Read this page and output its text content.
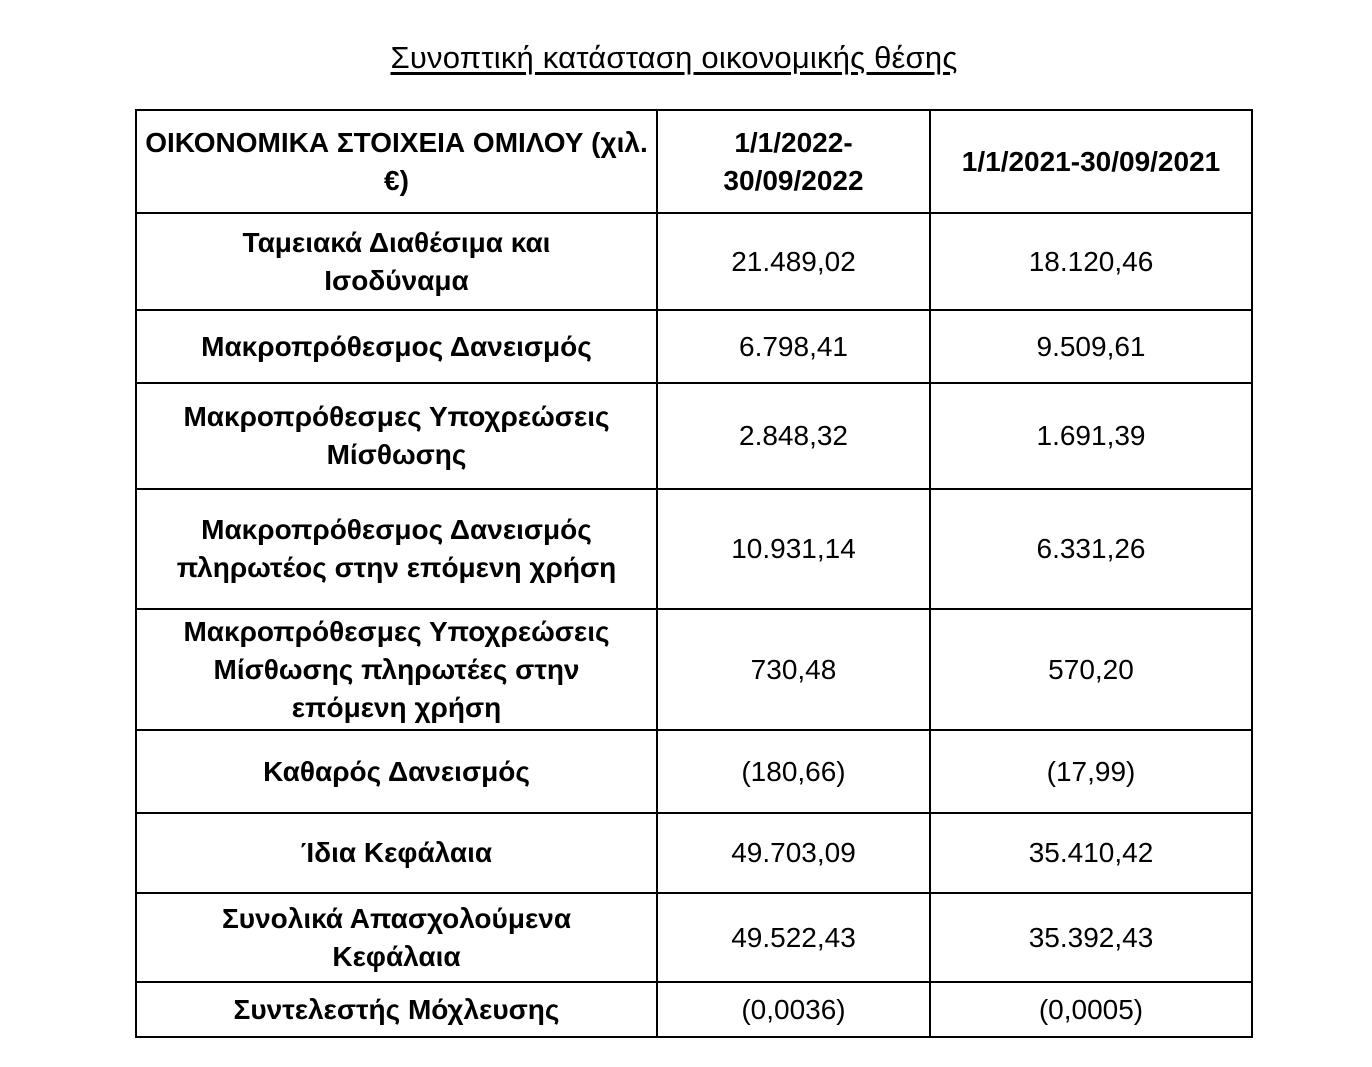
Συνοπτική κατάσταση οικονομικής θέσης
ΟΙΚΟΝΟΜΙΚΑ ΣΤΟΙΧΕΙΑ ΟΜΙΛΟΥ (χιλ. €)	1/1/2022-30/09/2022	1/1/2021-30/09/2021
Ταμειακά Διαθέσιμα και Ισοδύναμα	21.489,02	18.120,46
Μακροπρόθεσμος Δανεισμός	6.798,41	9.509,61
Μακροπρόθεσμες Υποχρεώσεις Μίσθωσης	2.848,32	1.691,39
Μακροπρόθεσμος Δανεισμός πληρωτέος στην επόμενη χρήση	10.931,14	6.331,26
Μακροπρόθεσμες Υποχρεώσεις Μίσθωσης πληρωτέες στην επόμενη χρήση	730,48	570,20
Καθαρός Δανεισμός	(180,66)	(17,99)
Ίδια Κεφάλαια	49.703,09	35.410,42
Συνολικά Απασχολούμενα Κεφάλαια	49.522,43	35.392,43
Συντελεστής Μόχλευσης	(0,0036)	(0,0005)
